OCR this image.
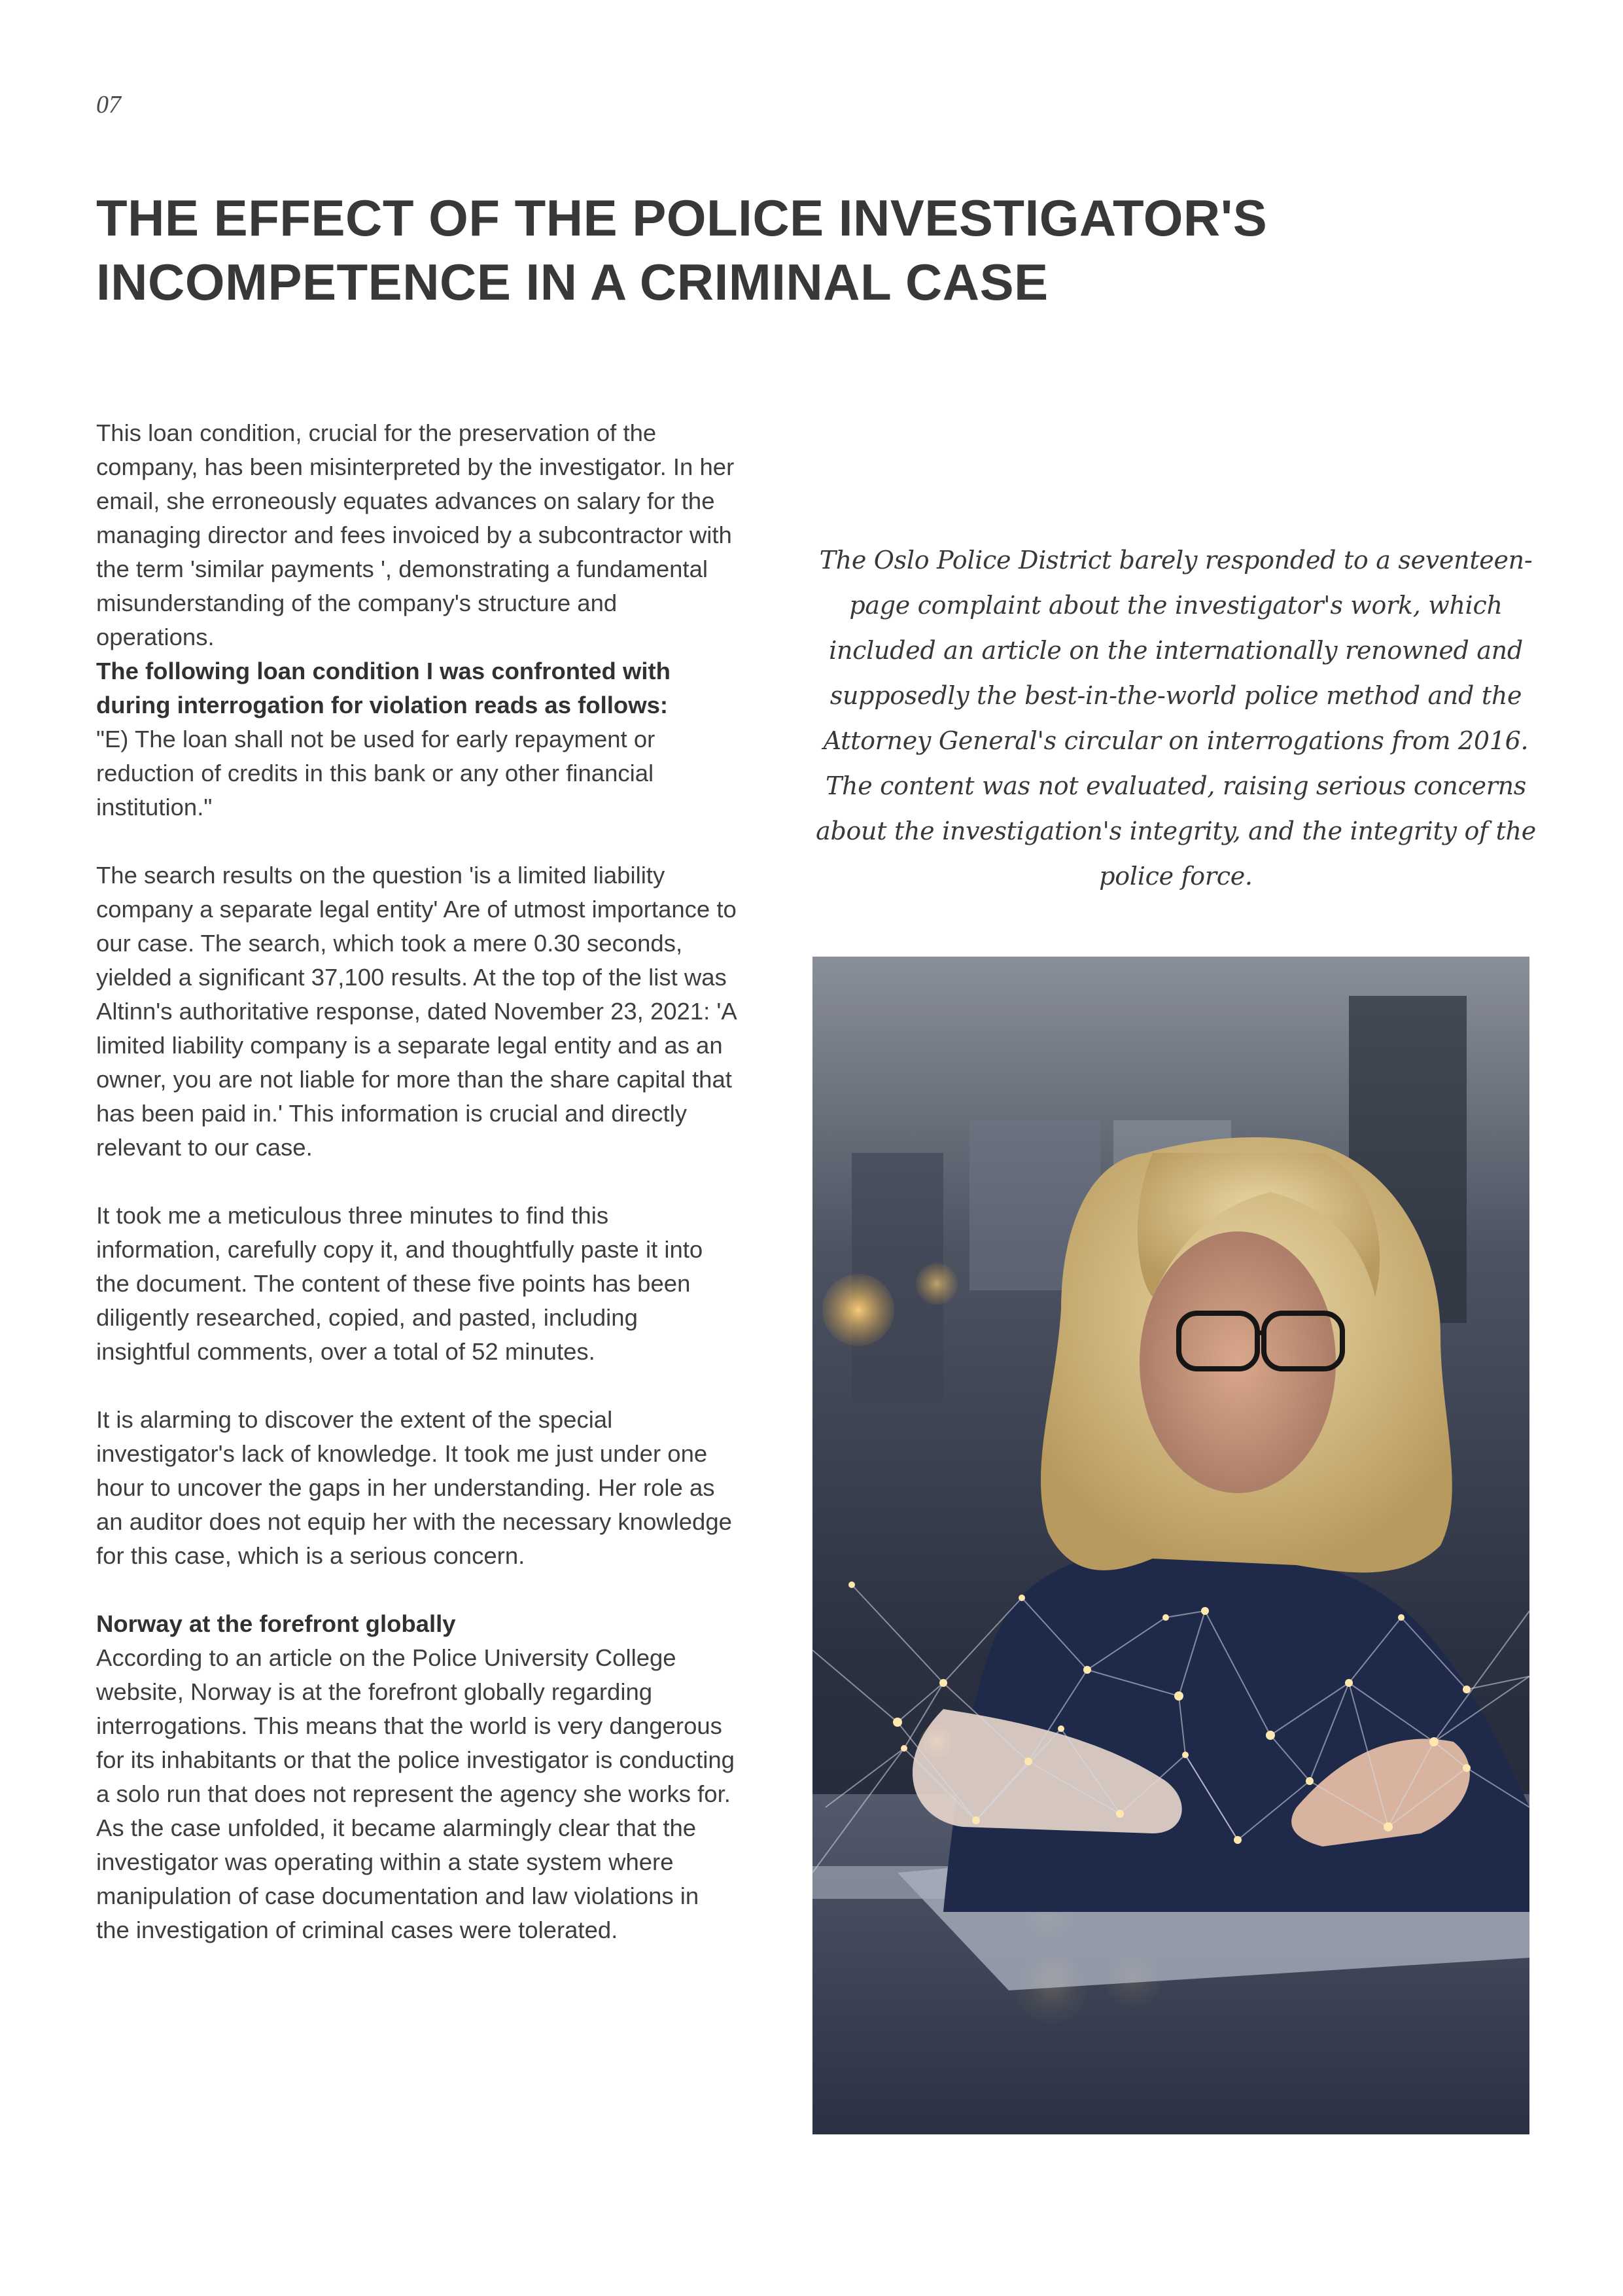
07
THE EFFECT OF THE POLICE INVESTIGATOR'S
INCOMPETENCE IN A CRIMINAL CASE

This loan condition, crucial for the preservation of the company, has been misinterpreted by the investigator. In her email, she erroneously equates advances on salary for the managing director and fees invoiced by a subcontractor with the term 'similar payments ', demonstrating a fundamental misunderstanding of the company's structure and operations.

The following loan condition I was confronted with during interrogation for violation reads as follows:

"E) The loan shall not be used for early repayment or reduction of credits in this bank or any other financial institution."

The search results on the question 'is a limited liability company a separate legal entity' Are of utmost importance to our case. The search, which took a mere 0.30 seconds, yielded a significant 37,100 results. At the top of the list was Altinn's authoritative response, dated November 23, 2021: 'A limited liability company is a separate legal entity and as an owner, you are not liable for more than the share capital that has been paid in.' This information is crucial and directly relevant to our case.

It took me a meticulous three minutes to find this information, carefully copy it, and thoughtfully paste it into the document. The content of these five points has been diligently researched, copied, and pasted, including insightful comments, over a total of 52 minutes.

It is alarming to discover the extent of the special investigator's lack of knowledge. It took me just under one hour to uncover the gaps in her understanding. Her role as an auditor does not equip her with the necessary knowledge for this case, which is a serious concern.

Norway at the forefront globally

According to an article on the Police University College website, Norway is at the forefront globally regarding interrogations. This means that the world is very dangerous for its inhabitants or that the police investigator is conducting a solo run that does not represent the agency she works for.

As the case unfolded, it became alarmingly clear that the investigator was operating within a state system where manipulation of case documentation and law violations in the investigation of criminal cases were tolerated.

The Oslo Police District barely responded to a seventeen-page complaint about the investigator's work, which included an article on the internationally renowned and supposedly the best-in-the-world police method and the Attorney General's circular on interrogations from 2016. The content was not evaluated, raising serious concerns about the investigation's integrity, and the integrity of the police force.
